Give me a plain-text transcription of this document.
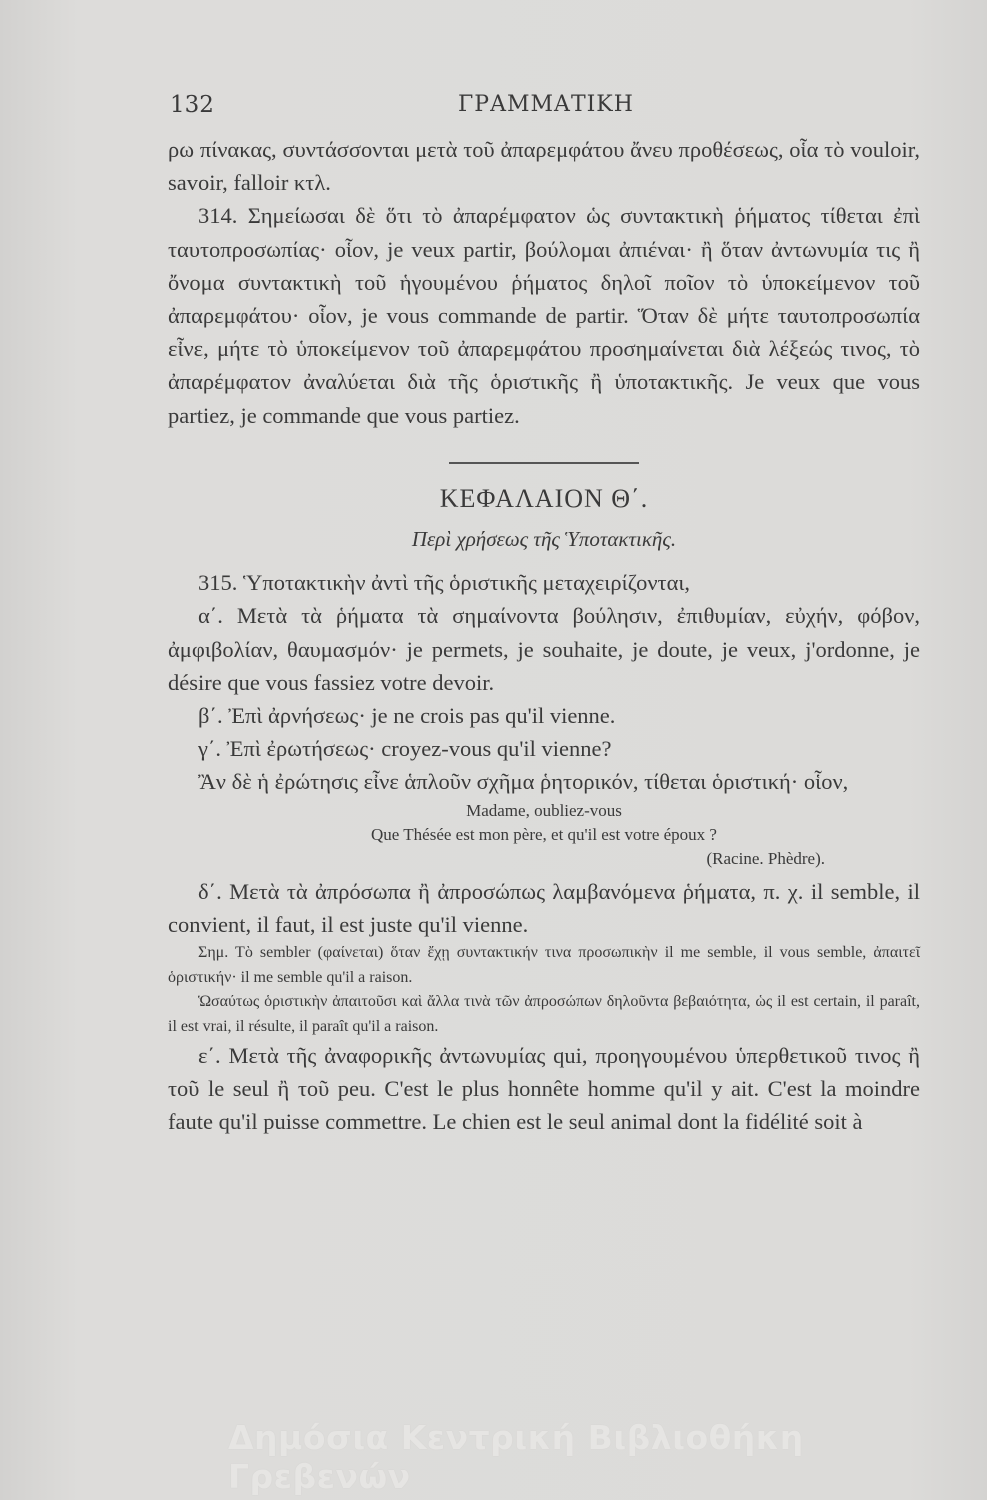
132	ΓΡΑΜΜΑΤΙΚΗ

ρω πίνακας, συντάσσονται μετὰ τοῦ ἀπαρεμφάτου ἄνευ προθέσεως, οἷα τὸ vouloir, savoir, falloir κτλ.

314. Σημείωσαι δὲ ὅτι τὸ ἀπαρέμφατον ὡς συντακτικὴ ῥήματος τίθεται ἐπὶ ταυτοπροσωπίας· οἷον, je veux partir, βούλομαι ἀπιέναι· ἢ ὅταν ἀντωνυμία τις ἢ ὄνομα συντακτικὴ τοῦ ἡγουμένου ῥήματος δηλοῖ ποῖον τὸ ὑποκείμενον τοῦ ἀπαρεμφάτου· οἷον, je vous commande de partir. Ὅταν δὲ μήτε ταυτοπροσωπία εἶνε, μήτε τὸ ὑποκείμενον τοῦ ἀπαρεμφάτου προσημαίνεται διὰ λέξεώς τινος, τὸ ἀπαρέμφατον ἀναλύεται διὰ τῆς ὁριστικῆς ἢ ὑποτακτικῆς. Je veux que vous partiez, je commande que vous partiez.

ΚΕΦΑΛΑΙΟΝ Θ΄.
Περὶ χρήσεως τῆς Ὑποτακτικῆς.

315. Ὑποτακτικὴν ἀντὶ τῆς ὁριστικῆς μεταχειρίζονται,

α΄. Μετὰ τὰ ῥήματα τὰ σημαίνοντα βούλησιν, ἐπιθυμίαν, εὐχήν, φόβον, ἀμφιβολίαν, θαυμασμόν· je permets, je souhaite, je doute, je veux, j'ordonne, je désire que vous fassiez votre devoir.

β΄. Ἐπὶ ἀρνήσεως· je ne crois pas qu'il vienne.

γ΄. Ἐπὶ ἐρωτήσεως· croyez-vous qu'il vienne?

Ἂν δὲ ἡ ἐρώτησις εἶνε ἁπλοῦν σχῆμα ῥητορικόν, τίθεται ὁριστική· οἷον,

Madame, oubliez-vous
Que Thésée est mon père, et qu'il est votre époux ?
(Racine. Phèdre).

δ΄. Μετὰ τὰ ἀπρόσωπα ἢ ἀπροσώπως λαμβανόμενα ῥήματα, π. χ. il semble, il convient, il faut, il est juste qu'il vienne.

Σημ. Τὸ sembler (φαίνεται) ὅταν ἔχῃ συντακτικήν τινα προσωπικὴν il me semble, il vous semble, ἀπαιτεῖ ὁριστικήν· il me semble qu'il a raison.

Ὡσαύτως ὁριστικὴν ἀπαιτοῦσι καὶ ἄλλα τινὰ τῶν ἀπροσώπων δηλοῦντα βεβαιότητα, ὡς il est certain, il paraît, il est vrai, il résulte, il paraît qu'il a raison.

ε΄. Μετὰ τῆς ἀναφορικῆς ἀντωνυμίας qui, προηγουμένου ὑπερθετικοῦ τινος ἢ τοῦ le seul ἢ τοῦ peu. C'est le plus honnête homme qu'il y ait. C'est la moindre faute qu'il puisse commettre. Le chien est le seul animal dont la fidélité soit à

Δημόσια Κεντρική Βιβλιοθήκη Γρεβενών
